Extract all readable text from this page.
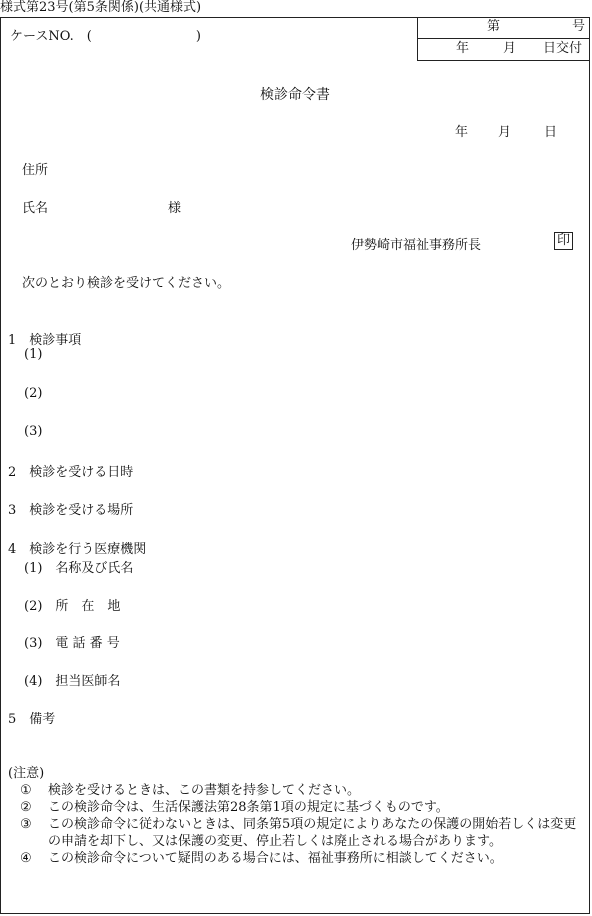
様式第23号(第5条関係)(共通様式)
ケースNO.　(　　　　　　　　)
第	号
年	月 日交付
検診命令書
年 月	日
住所
氏名	様
伊勢崎市福祉事務所長	印
次のとおり検診を受けてください。
1　検診事項
(1)
(2)
(3)
2　検診を受ける日時
3　検診を受ける場所
4　検診を行う医療機関
(1)　名称及び氏名
(2)　所　在　地
(3)　電 話 番 号
(4)　担当医師名
5　備考
(注意)
①	検診を受けるときは、この書類を持参してください。
②	この検診命令は、生活保護法第28条第1項の規定に基づくものです。
③	この検診命令に従わないときは、同条第5項の規定によりあなたの保護の開始若しくは変更の申請を却下し、又は保護の変更、停止若しくは廃止される場合があります。
④	この検診命令について疑問のある場合には、福祉事務所に相談してください。
